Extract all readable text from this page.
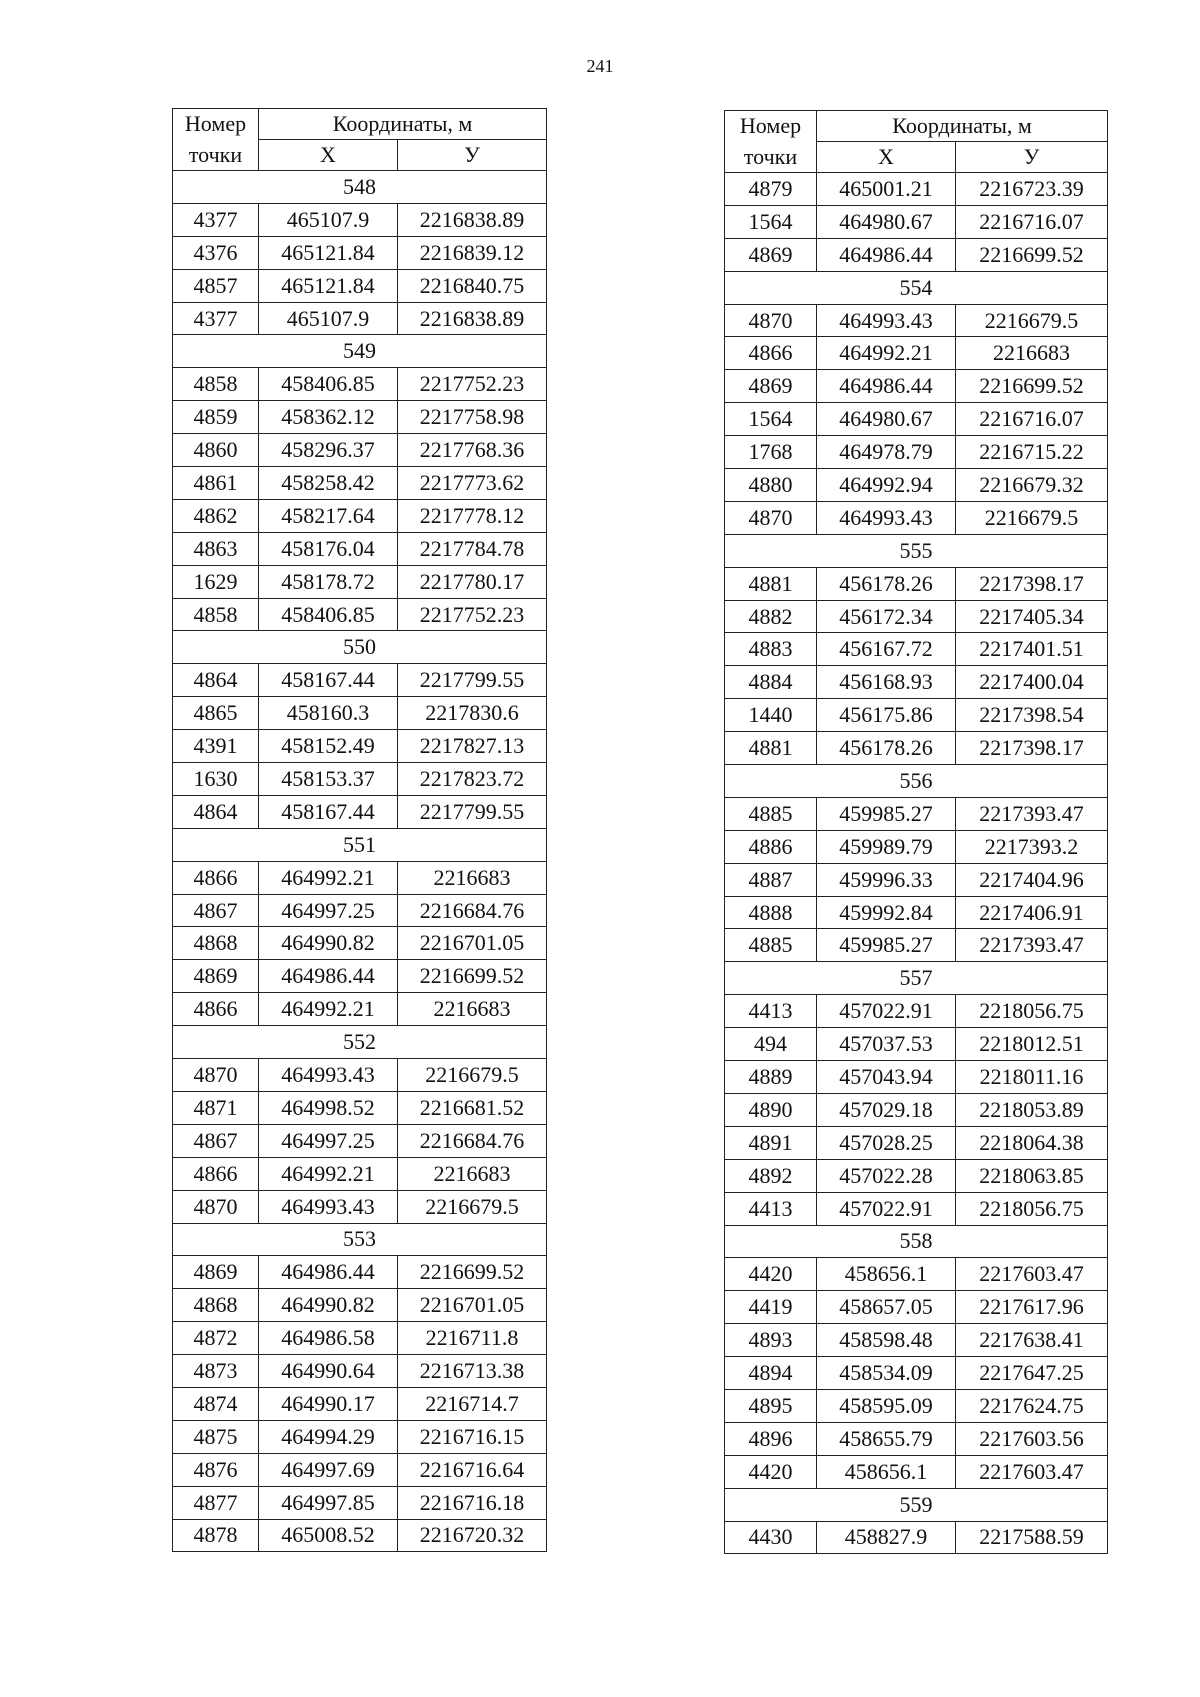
241
Номер	Координаты, м	
точки	X	У
548		
4377	465107.9	2216838.89
4376	465121.84	2216839.12
4857	465121.84	2216840.75
4377	465107.9	2216838.89
549		
4858	458406.85	2217752.23
4859	458362.12	2217758.98
4860	458296.37	2217768.36
4861	458258.42	2217773.62
4862	458217.64	2217778.12
4863	458176.04	2217784.78
1629	458178.72	2217780.17
4858	458406.85	2217752.23
550		
4864	458167.44	2217799.55
4865	458160.3	2217830.6
4391	458152.49	2217827.13
1630	458153.37	2217823.72
4864	458167.44	2217799.55
551		
4866	464992.21	2216683
4867	464997.25	2216684.76
4868	464990.82	2216701.05
4869	464986.44	2216699.52
4866	464992.21	2216683
552		
4870	464993.43	2216679.5
4871	464998.52	2216681.52
4867	464997.25	2216684.76
4866	464992.21	2216683
4870	464993.43	2216679.5
553		
4869	464986.44	2216699.52
4868	464990.82	2216701.05
4872	464986.58	2216711.8
4873	464990.64	2216713.38
4874	464990.17	2216714.7
4875	464994.29	2216716.15
4876	464997.69	2216716.64
4877	464997.85	2216716.18
4878	465008.52	2216720.32
Номер	Координаты, м	
точки	X	У
4879	465001.21	2216723.39
1564	464980.67	2216716.07
4869	464986.44	2216699.52
554		
4870	464993.43	2216679.5
4866	464992.21	2216683
4869	464986.44	2216699.52
1564	464980.67	2216716.07
1768	464978.79	2216715.22
4880	464992.94	2216679.32
4870	464993.43	2216679.5
555		
4881	456178.26	2217398.17
4882	456172.34	2217405.34
4883	456167.72	2217401.51
4884	456168.93	2217400.04
1440	456175.86	2217398.54
4881	456178.26	2217398.17
556		
4885	459985.27	2217393.47
4886	459989.79	2217393.2
4887	459996.33	2217404.96
4888	459992.84	2217406.91
4885	459985.27	2217393.47
557		
4413	457022.91	2218056.75
494	457037.53	2218012.51
4889	457043.94	2218011.16
4890	457029.18	2218053.89
4891	457028.25	2218064.38
4892	457022.28	2218063.85
4413	457022.91	2218056.75
558		
4420	458656.1	2217603.47
4419	458657.05	2217617.96
4893	458598.48	2217638.41
4894	458534.09	2217647.25
4895	458595.09	2217624.75
4896	458655.79	2217603.56
4420	458656.1	2217603.47
559		
4430	458827.9	2217588.59
